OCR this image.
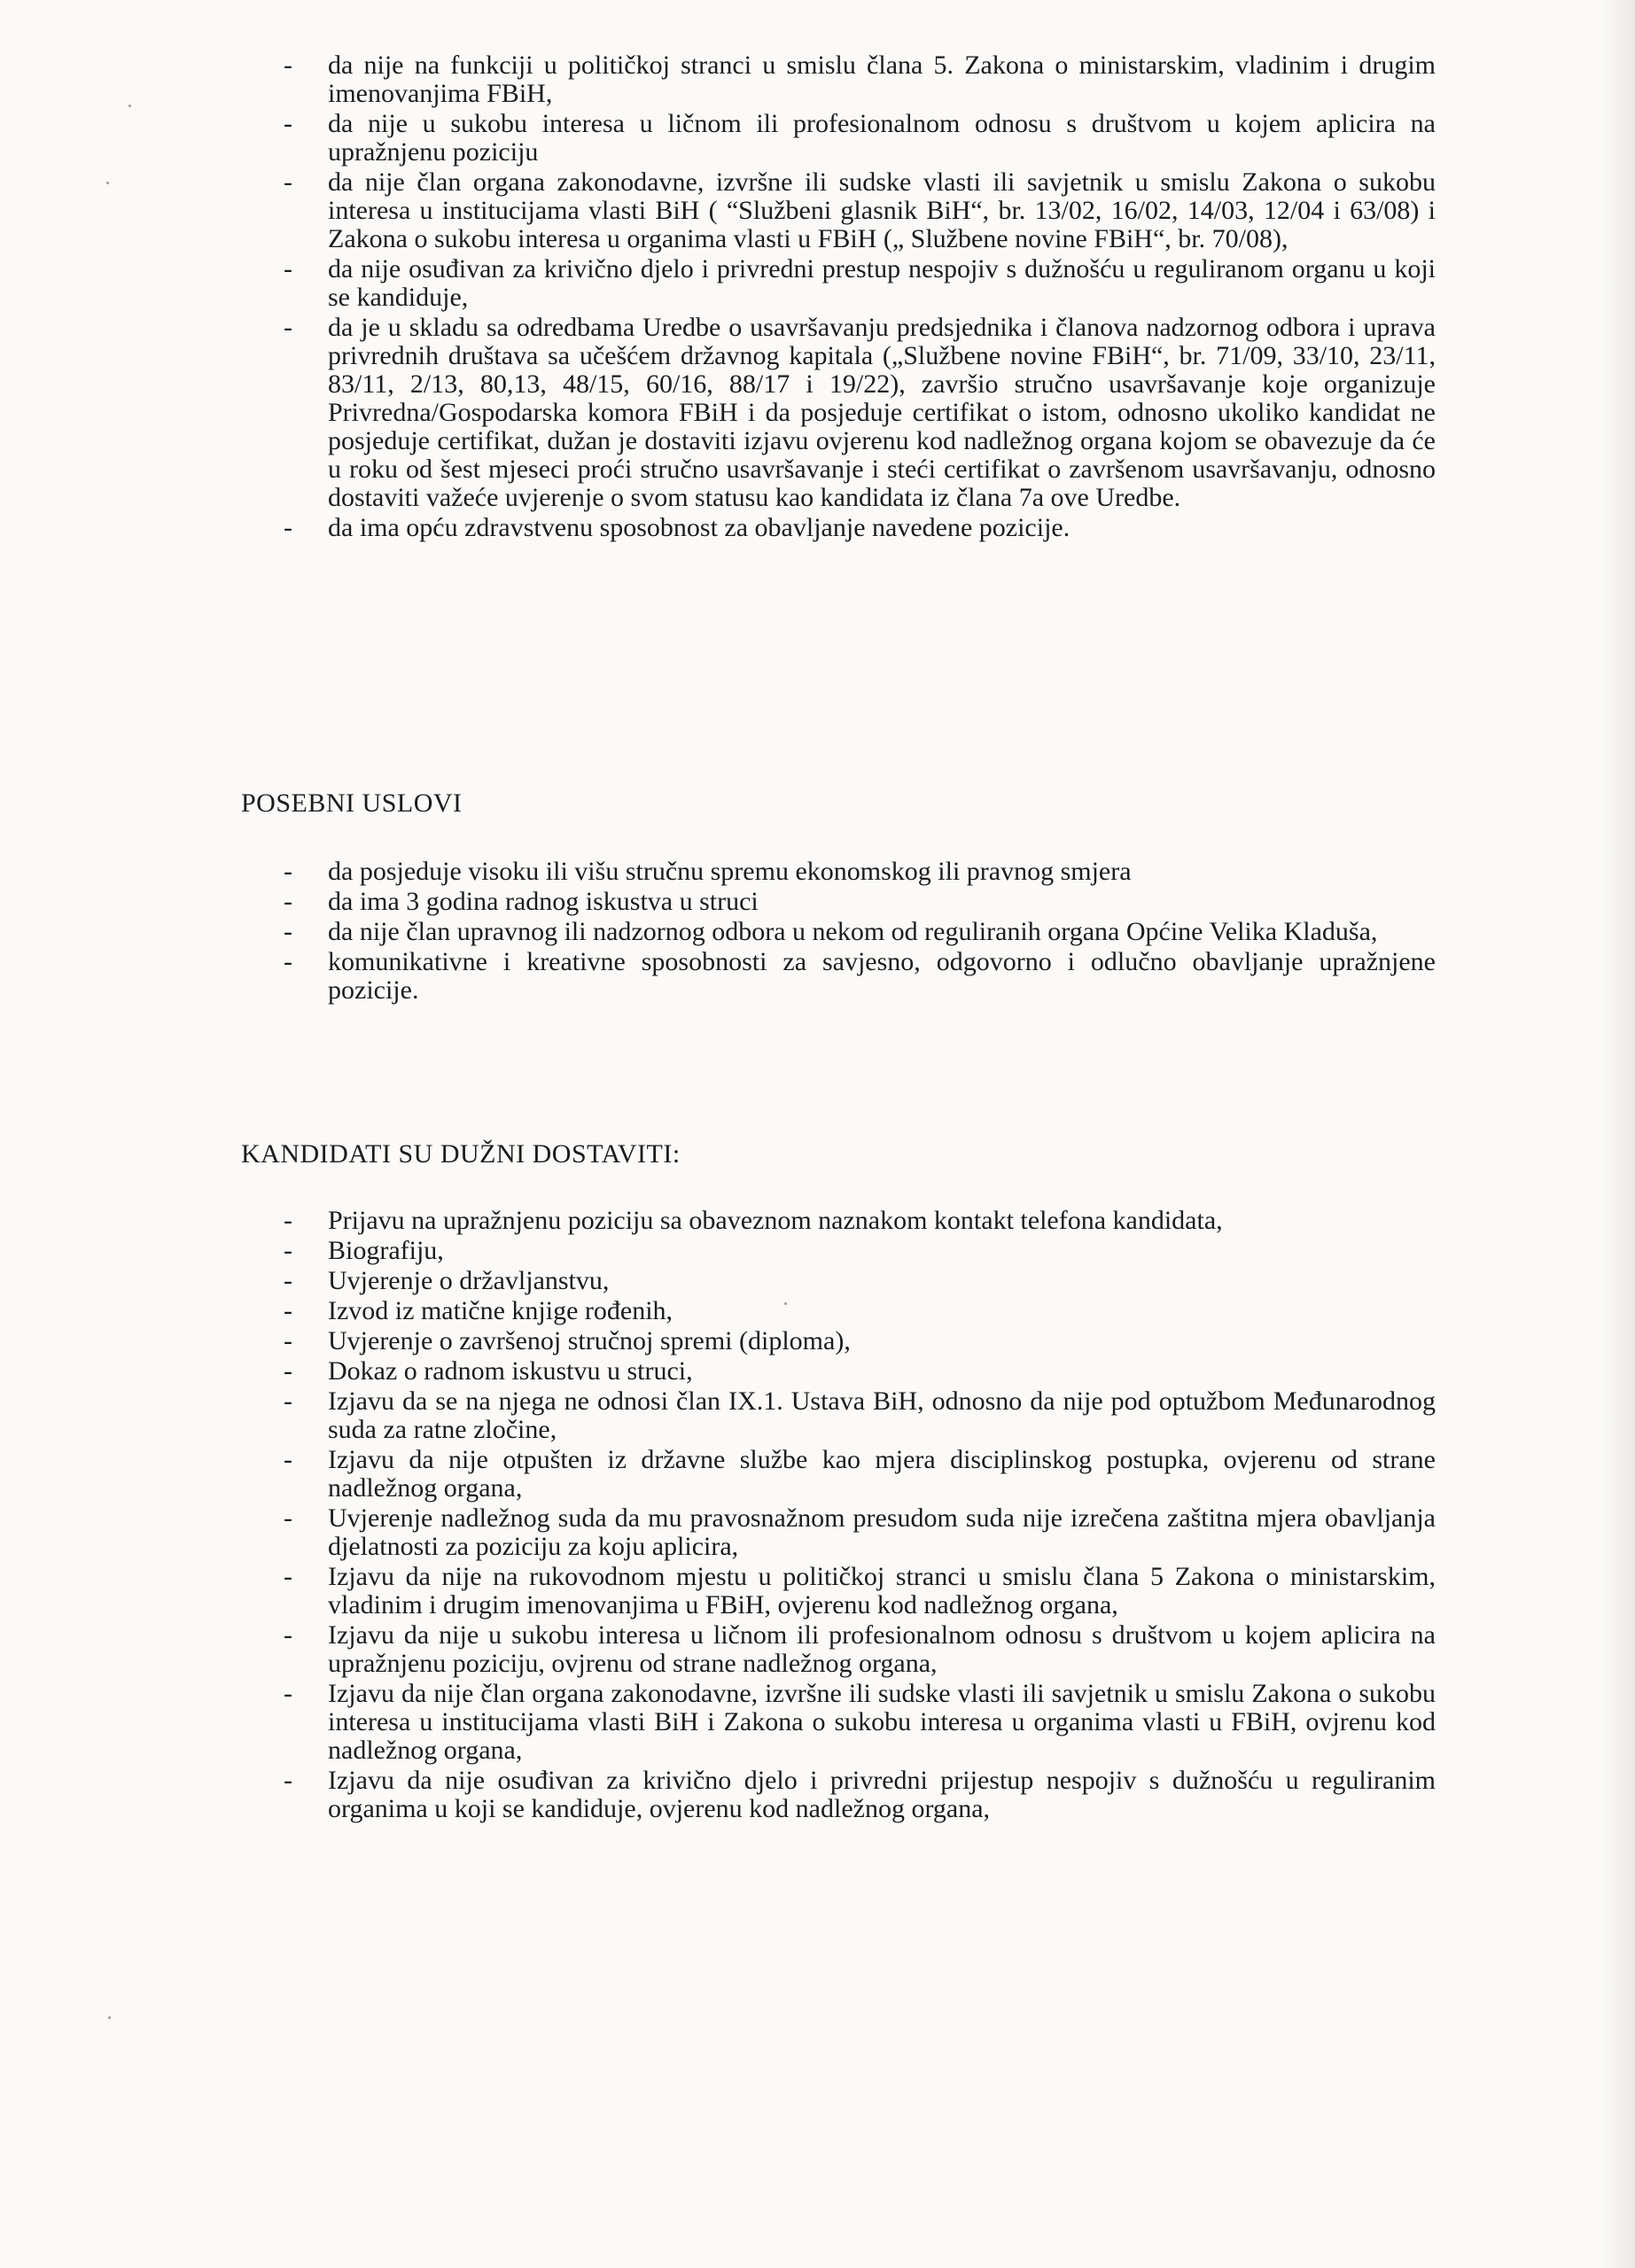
- da nije na funkciji u političkoj stranci u smislu člana 5. Zakona o ministarskim, vladinim i drugim imenovanjima FBiH,
- da nije u sukobu interesa u ličnom ili profesionalnom odnosu s društvom u kojem aplicira na upražnjenu poziciju
- da nije član organa zakonodavne, izvršne ili sudske vlasti ili savjetnik u smislu Zakona o sukobu interesa u institucijama vlasti BiH ( “Službeni glasnik BiH“, br. 13/02, 16/02, 14/03, 12/04 i 63/08) i Zakona o sukobu interesa u organima vlasti u FBiH („ Službene novine FBiH“, br. 70/08),
- da nije osuđivan za krivično djelo i privredni prestup nespojiv s dužnošću u reguliranom organu u koji se kandiduje,
- da je u skladu sa odredbama Uredbe o usavršavanju predsjednika i članova nadzornog odbora i uprava privrednih društava sa učešćem državnog kapitala („Službene novine FBiH“, br. 71/09, 33/10, 23/11, 83/11, 2/13, 80,13, 48/15, 60/16, 88/17 i 19/22), završio stručno usavršavanje koje organizuje Privredna/Gospodarska komora FBiH i da posjeduje certifikat o istom, odnosno ukoliko kandidat ne posjeduje certifikat, dužan je dostaviti izjavu ovjerenu kod nadležnog organa kojom se obavezuje da će u roku od šest mjeseci proći stručno usavršavanje i steći certifikat o završenom usavršavanju, odnosno dostaviti važeće uvjerenje o svom statusu kao kandidata iz člana 7a ove Uredbe.
- da ima opću zdravstvenu sposobnost za obavljanje navedene pozicije.
POSEBNI USLOVI
- da posjeduje visoku ili višu stručnu spremu ekonomskog ili pravnog smjera
- da ima 3 godina radnog iskustva u struci
- da nije član upravnog ili nadzornog odbora u nekom od reguliranih organa Općine Velika Kladuša,
- komunikativne i kreativne sposobnosti za savjesno, odgovorno i odlučno obavljanje upražnjene pozicije.
KANDIDATI SU DUŽNI DOSTAVITI:
- Prijavu na upražnjenu poziciju sa obaveznom naznakom kontakt telefona kandidata,
- Biografiju,
- Uvjerenje o državljanstvu,
- Izvod iz matične knjige rođenih,
- Uvjerenje o završenoj stručnoj spremi (diploma),
- Dokaz o radnom iskustvu u struci,
- Izjavu da se na njega ne odnosi član IX.1. Ustava BiH, odnosno da nije pod optužbom Međunarodnog suda za ratne zločine,
- Izjavu da nije otpušten iz državne službe kao mjera disciplinskog postupka, ovjerenu od strane nadležnog organa,
- Uvjerenje nadležnog suda da mu pravosnažnom presudom suda nije izrečena zaštitna mjera obavljanja djelatnosti za poziciju za koju aplicira,
- Izjavu da nije na rukovodnom mjestu u političkoj stranci u smislu člana 5 Zakona o ministarskim, vladinim i drugim imenovanjima u FBiH, ovjerenu kod nadležnog organa,
- Izjavu da nije u sukobu interesa u ličnom ili profesionalnom odnosu s društvom u kojem aplicira na upražnjenu poziciju, ovjrenu od strane nadležnog organa,
- Izjavu da nije član organa zakonodavne, izvršne ili sudske vlasti ili savjetnik u smislu Zakona o sukobu interesa u institucijama vlasti BiH i Zakona o sukobu interesa u organima vlasti u FBiH, ovjrenu kod nadležnog organa,
- Izjavu da nije osuđivan za krivično djelo i privredni prijestup nespojiv s dužnošću u reguliranim organima u koji se kandiduje, ovjerenu kod nadležnog organa,
